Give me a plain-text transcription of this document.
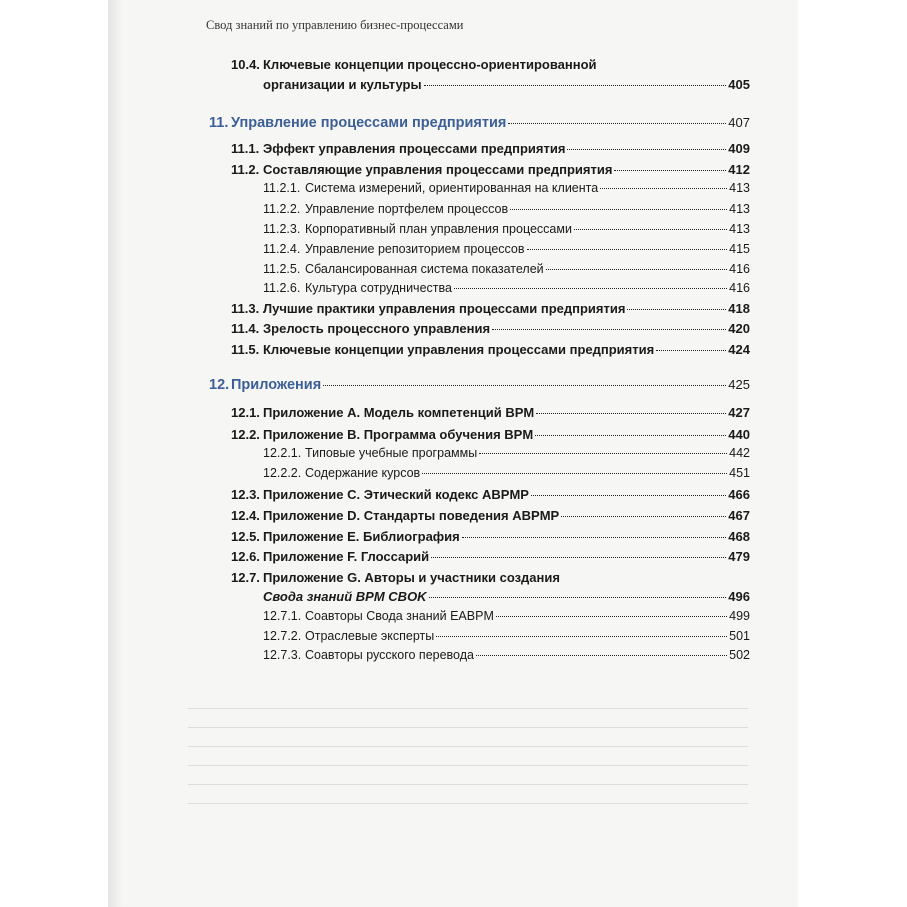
Свод знаний по управлению бизнес-процессами
10.4. Ключевые концепции процессно-ориентированной
организации и культуры	405
11. Управление процессами предприятия	407
11.1. Эффект управления процессами предприятия	409
11.2. Составляющие управления процессами предприятия	412
11.2.1. Система измерений, ориентированная на клиента	413
11.2.2. Управление портфелем процессов	413
11.2.3. Корпоративный план управления процессами	413
11.2.4. Управление репозиторием процессов	415
11.2.5. Сбалансированная система показателей	416
11.2.6. Культура сотрудничества	416
11.3. Лучшие практики управления процессами предприятия	418
11.4. Зрелость процессного управления	420
11.5. Ключевые концепции управления процессами предприятия	424
12. Приложения	425
12.1. Приложение A. Модель компетенций BPM	427
12.2. Приложение B. Программа обучения BPM	440
12.2.1. Типовые учебные программы	442
12.2.2. Содержание курсов	451
12.3. Приложение C. Этический кодекс ABPMP	466
12.4. Приложение D. Стандарты поведения ABPMP	467
12.5. Приложение E. Библиография	468
12.6. Приложение F. Глоссарий	479
12.7. Приложение G. Авторы и участники создания
Свода знаний BPM CBOK	496
12.7.1. Соавторы Свода знаний EABPM	499
12.7.2. Отраслевые эксперты	501
12.7.3. Соавторы русского перевода	502
